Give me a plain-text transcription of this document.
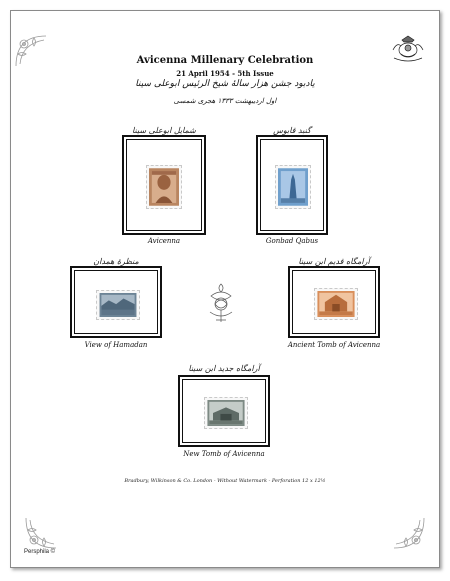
Avicenna Millenary Celebration
21 April 1954 - 5th Issue
یادبود جشن هزار سالهٔ شیخ الرئیس ابوعلی سینا
اول اردیبهشت ۱۳۳۳ هجری شمسی
شمایل ابوعلی سینا
Avicenna
گنبد قابوس
Gonbad Qabus
منظرهٔ همدان
View of Hamadan
آرامگاه قدیم ابن سینا
Ancient Tomb of Avicenna
آرامگاه جدید ابن سینا
New Tomb of Avicenna
Bradbury, Wilkinson & Co. London - Without Watermark - Perforation 12 x 12½
Persphila ©
